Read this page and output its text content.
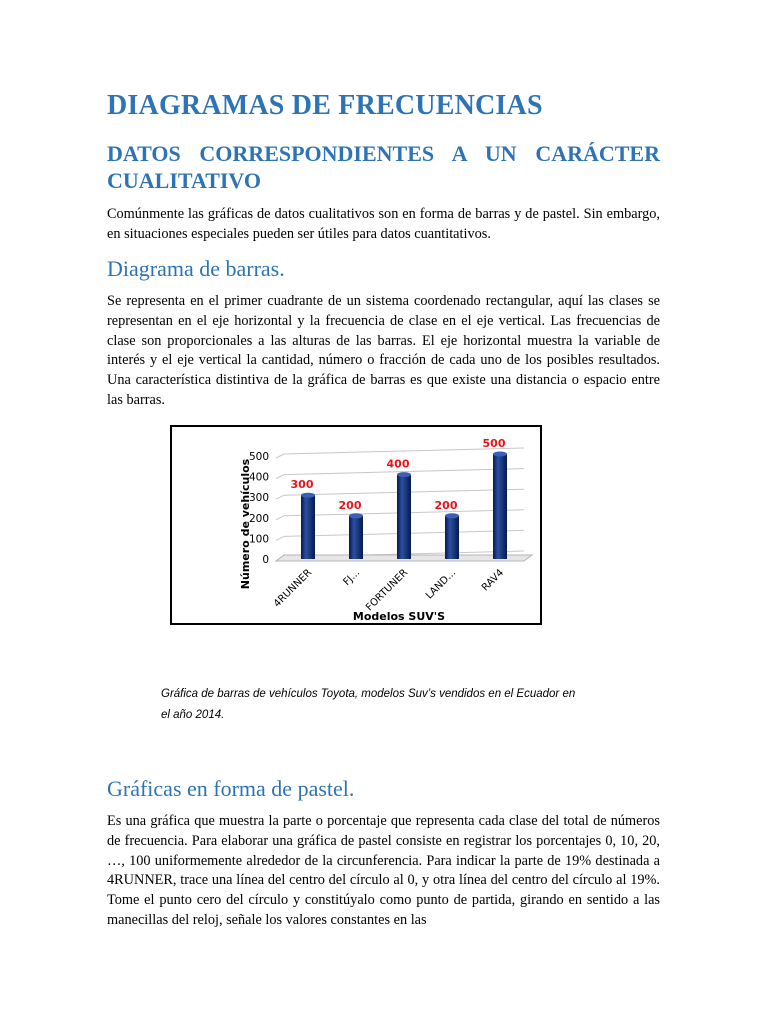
DIAGRAMAS DE FRECUENCIAS
DATOS CORRESPONDIENTES A UN CARÁCTER CUALITATIVO

Comúnmente las gráficas de datos cualitativos son en forma de barras y de pastel. Sin embargo, en situaciones especiales pueden ser útiles para datos cuantitativos.

Diagrama de barras.

Se representa en el primer cuadrante de un sistema coordenado rectangular, aquí las clases se representan en el eje horizontal y la frecuencia de clase en el eje vertical. Las frecuencias de clase son proporcionales a las alturas de las barras. El eje horizontal muestra la variable de interés y el eje vertical la cantidad, número o fracción de cada uno de los posibles resultados. Una característica distintiva de la gráfica de barras es que existe una distancia o espacio entre las barras.

Gráfica de barras de vehículos Toyota, modelos Suv’s vendidos en el Ecuador en el año 2014.
Gráficas en forma de pastel.

Es una gráfica que muestra la parte o porcentaje que representa cada clase del total de números de frecuencia. Para elaborar una gráfica de pastel consiste en registrar los porcentajes 0, 10, 20, …, 100 uniformemente alrededor de la circunferencia. Para indicar la parte de 19% destinada a 4RUNNER, trace una línea del centro del círculo al 0, y otra línea del centro del círculo al 19%. Tome el punto cero del círculo y constitúyalo como punto de partida, girando en sentido a las manecillas del reloj, señale los valores constantes en las

0
100
200
300
400
500
300
200
400
200
500
4RUNNER	FJ... FORTUNER LAND... RAV4
Número de vehículos
Modelos SUV'S
